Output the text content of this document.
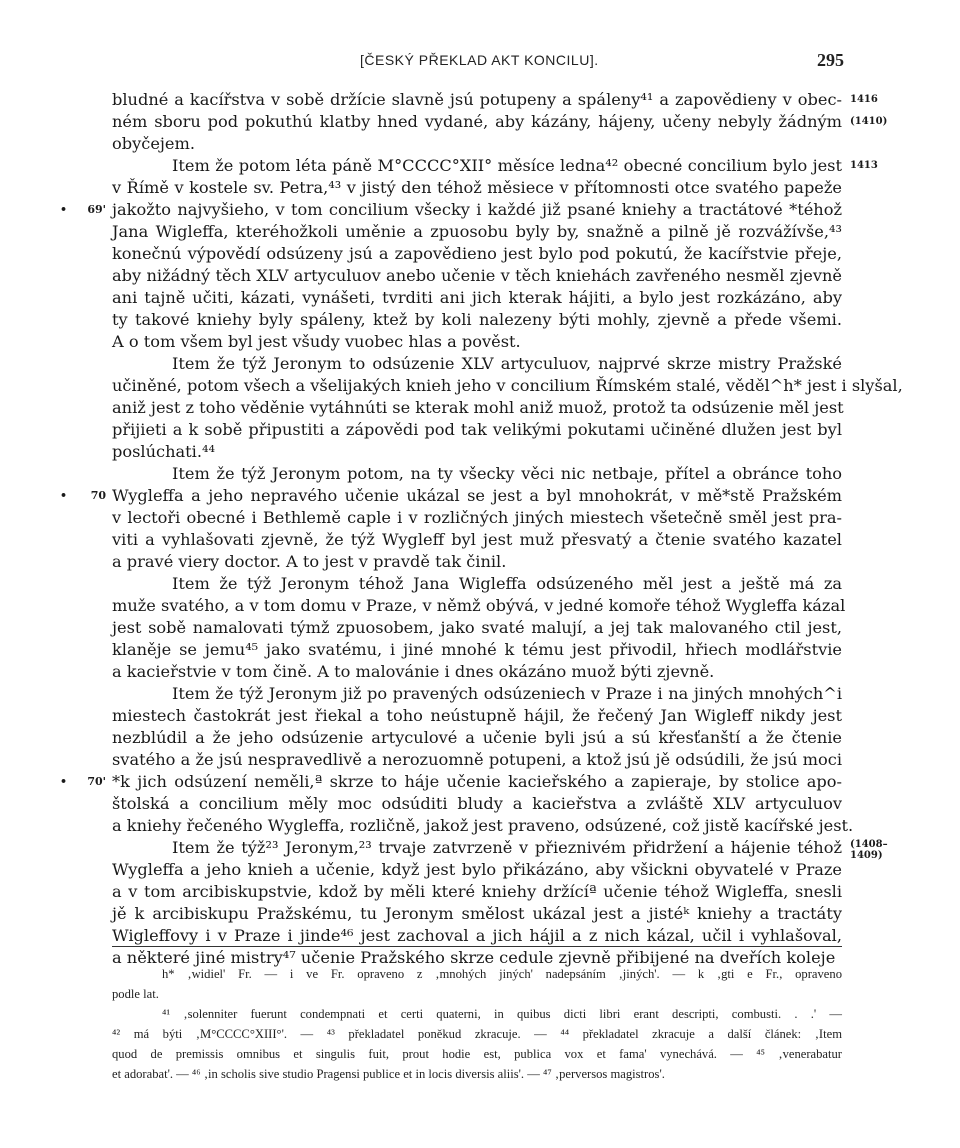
[ČESKÝ PŘEKLAD AKT KONCILU].	295
bludné a kacířstva v sobě držície slavně jsú potupeny a spáleny⁴¹ a zapovědieny v obec- 1416
ném sboru pod pokuthú klatby hned vydané, aby kázány, hájeny, učeny nebyly žádným (1410)
obyčejem.
Item že potom léta páně M°CCCC°XII° měsíce ledna⁴² obecné concilium bylo jest 1413
v Římě v kostele sv. Petra,⁴³ v jistý den téhož měsiece v přítomnosti otce svatého papeže
jakožto najvyšieho, v tom concilium všecky i každé již psané kniehy a tractátové *téhož
• 69'
Jana Wigleffa, kteréhožkoli uměnie a zpuosobu byly by, snažně a pilně jě rozvážívše,⁴³
konečnú výpovědí odsúzeny jsú a zapovědieno jest bylo pod pokutú, že kacířstvie přeje,
aby nižádný těch XLV artyculuov anebo učenie v těch kniehách zavřeného nesměl zjevně
ani tajně učiti, kázati, vynášeti, tvrditi ani jich kterak hájiti, a bylo jest rozkázáno, aby
ty takové kniehy byly spáleny, ktež by koli nalezeny býti mohly, zjevně a přede všemi.
A o tom všem byl jest všudy vuobec hlas a pověst.
Item že týž Jeronym to odsúzenie XLV artyculuov, najprvé skrze mistry Pražské
učiněné, potom všech a všelijakých knieh jeho v concilium Římském stalé, věděl^h* jest i slyšal,
aniž jest z toho věděnie vytáhnúti se kterak mohl aniž muož, protož ta odsúzenie měl jest
přijieti a k sobě připustiti a zápovědi pod tak velikými pokutami učiněné dlužen jest byl
poslúchati.⁴⁴
Item že týž Jeronym potom, na ty všecky věci nic netbaje, přítel a obránce toho
Wygleffa a jeho nepravého učenie ukázal se jest a byl mnohokrát, v mě*stě Pražském
• 70
v lectoři obecné i Bethlemě caple i v rozličných jiných miestech všetečně směl jest pra-
viti a vyhlašovati zjevně, že týž Wygleff byl jest muž přesvatý a čtenie svatého kazatel
a pravé viery doctor. A to jest v pravdě tak činil.
Item že týž Jeronym téhož Jana Wigleffa odsúzeného měl jest a ještě má za
muže svatého, a v tom domu v Praze, v němž obývá, v jedné komoře téhož Wygleffa kázal
jest sobě namalovati týmž zpuosobem, jako svaté malují, a jej tak malovaného ctil jest,
klaněje se jemu⁴⁵ jako svatému, i jiné mnohé k tému jest přivodil, hřiech modlářstvie
a kacieřstvie v tom čině. A to malovánie i dnes okázáno muož býti zjevně.
Item že týž Jeronym již po pravených odsúzeniech v Praze i na jiných mnohých^i
miestech častokrát jest řiekal a toho neústupně hájil, že řečený Jan Wigleff nikdy jest
nezblúdil a že jeho odsúzenie artyculové a učenie byli jsú a sú křesťanští a že čtenie
svatého a že jsú nespravedlivě a nerozuomně potupeni, a ktož jsú jě odsúdili, že jsú moci
*k jich odsúzení neměli,ª skrze to háje učenie kacieřského a zapieraje, by stolice apo-
• 70'
štolská a concilium měly moc odsúditi bludy a kacieřstva a zvláště XLV artyculuov
a kniehy řečeného Wygleffa, rozličně, jakož jest praveno, odsúzené, což jistě kacířské jest.
Item že týž²³ Jeronym,²³ trvaje zatvrzeně v přieznivém přidržení a hájenie téhož (1408–1409)
Wygleffa a jeho knieh a učenie, když jest bylo přikázáno, aby všickni obyvatelé v Praze
a v tom arcibiskupstvie, kdož by měli které kniehy držícíª učenie téhož Wigleffa, snesli
jě k arcibiskupu Pražskému, tu Jeronym smělost ukázal jest a jistéᵏ kniehy a tractáty
Wigleffovy i v Praze i jinde⁴⁶ jest zachoval a jich hájil a z nich kázal, učil i vyhlašoval,
a některé jiné mistry⁴⁷ učenie Pražského skrze cedule zjevně přibijené na dveřích koleje
h* ‚widiel' Fr. — i ve Fr. opraveno z ‚mnohých jiných' nadepsáním ‚jiných'. — k ‚gti e Fr., opraveno
podle lat.
⁴¹ ‚solenniter fuerunt condempnati et certi quaterni, in quibus dicti libri erant descripti, combusti. . .' —
⁴² má býti ‚M°CCCC°XIII°'. — ⁴³ překladatel poněkud zkracuje. — ⁴⁴ překladatel zkracuje a další článek: ‚Item
quod de premissis omnibus et singulis fuit, prout hodie est, publica vox et fama' vynechává. — ⁴⁵ ‚venerabatur
et adorabat'. — ⁴⁶ ‚in scholis sive studio Pragensi publice et in locis diversis aliis'. — ⁴⁷ ‚perversos magistros'.
